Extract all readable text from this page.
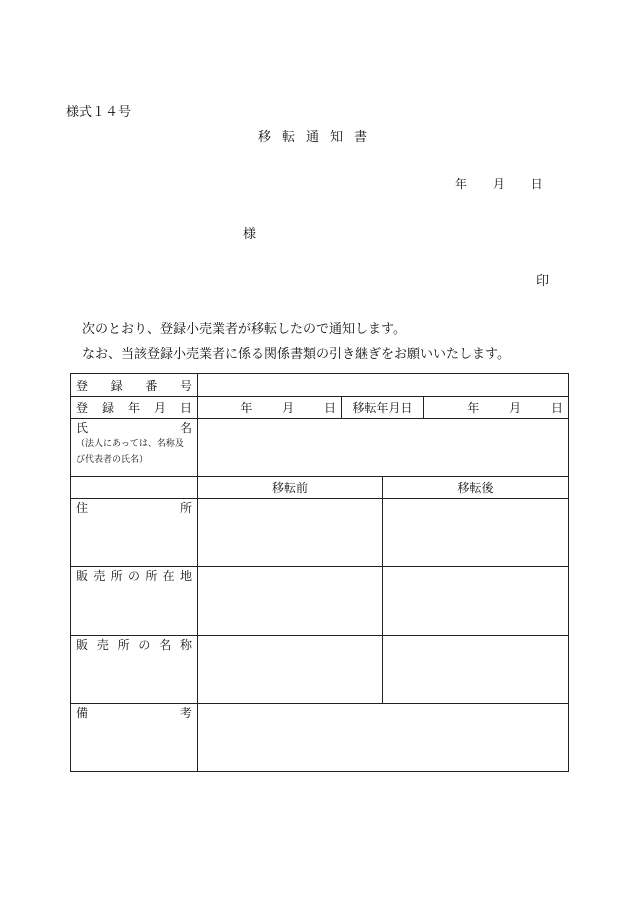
様式１４号
移転通知書
年 月 日
様
印
次のとおり、登録小売業者が移転したので通知します。
なお、当該登録小売業者に係る関係書類の引き継ぎをお願いいたします。
登録番号				
登録年月日	年 月 日	移転年月日		年 月 日

氏　　　名
（法人にあっては、名称及び代表者の氏名）				

	移転前		移転後	
住所				
販売所の所在地				
販売所の名称				
備考				
